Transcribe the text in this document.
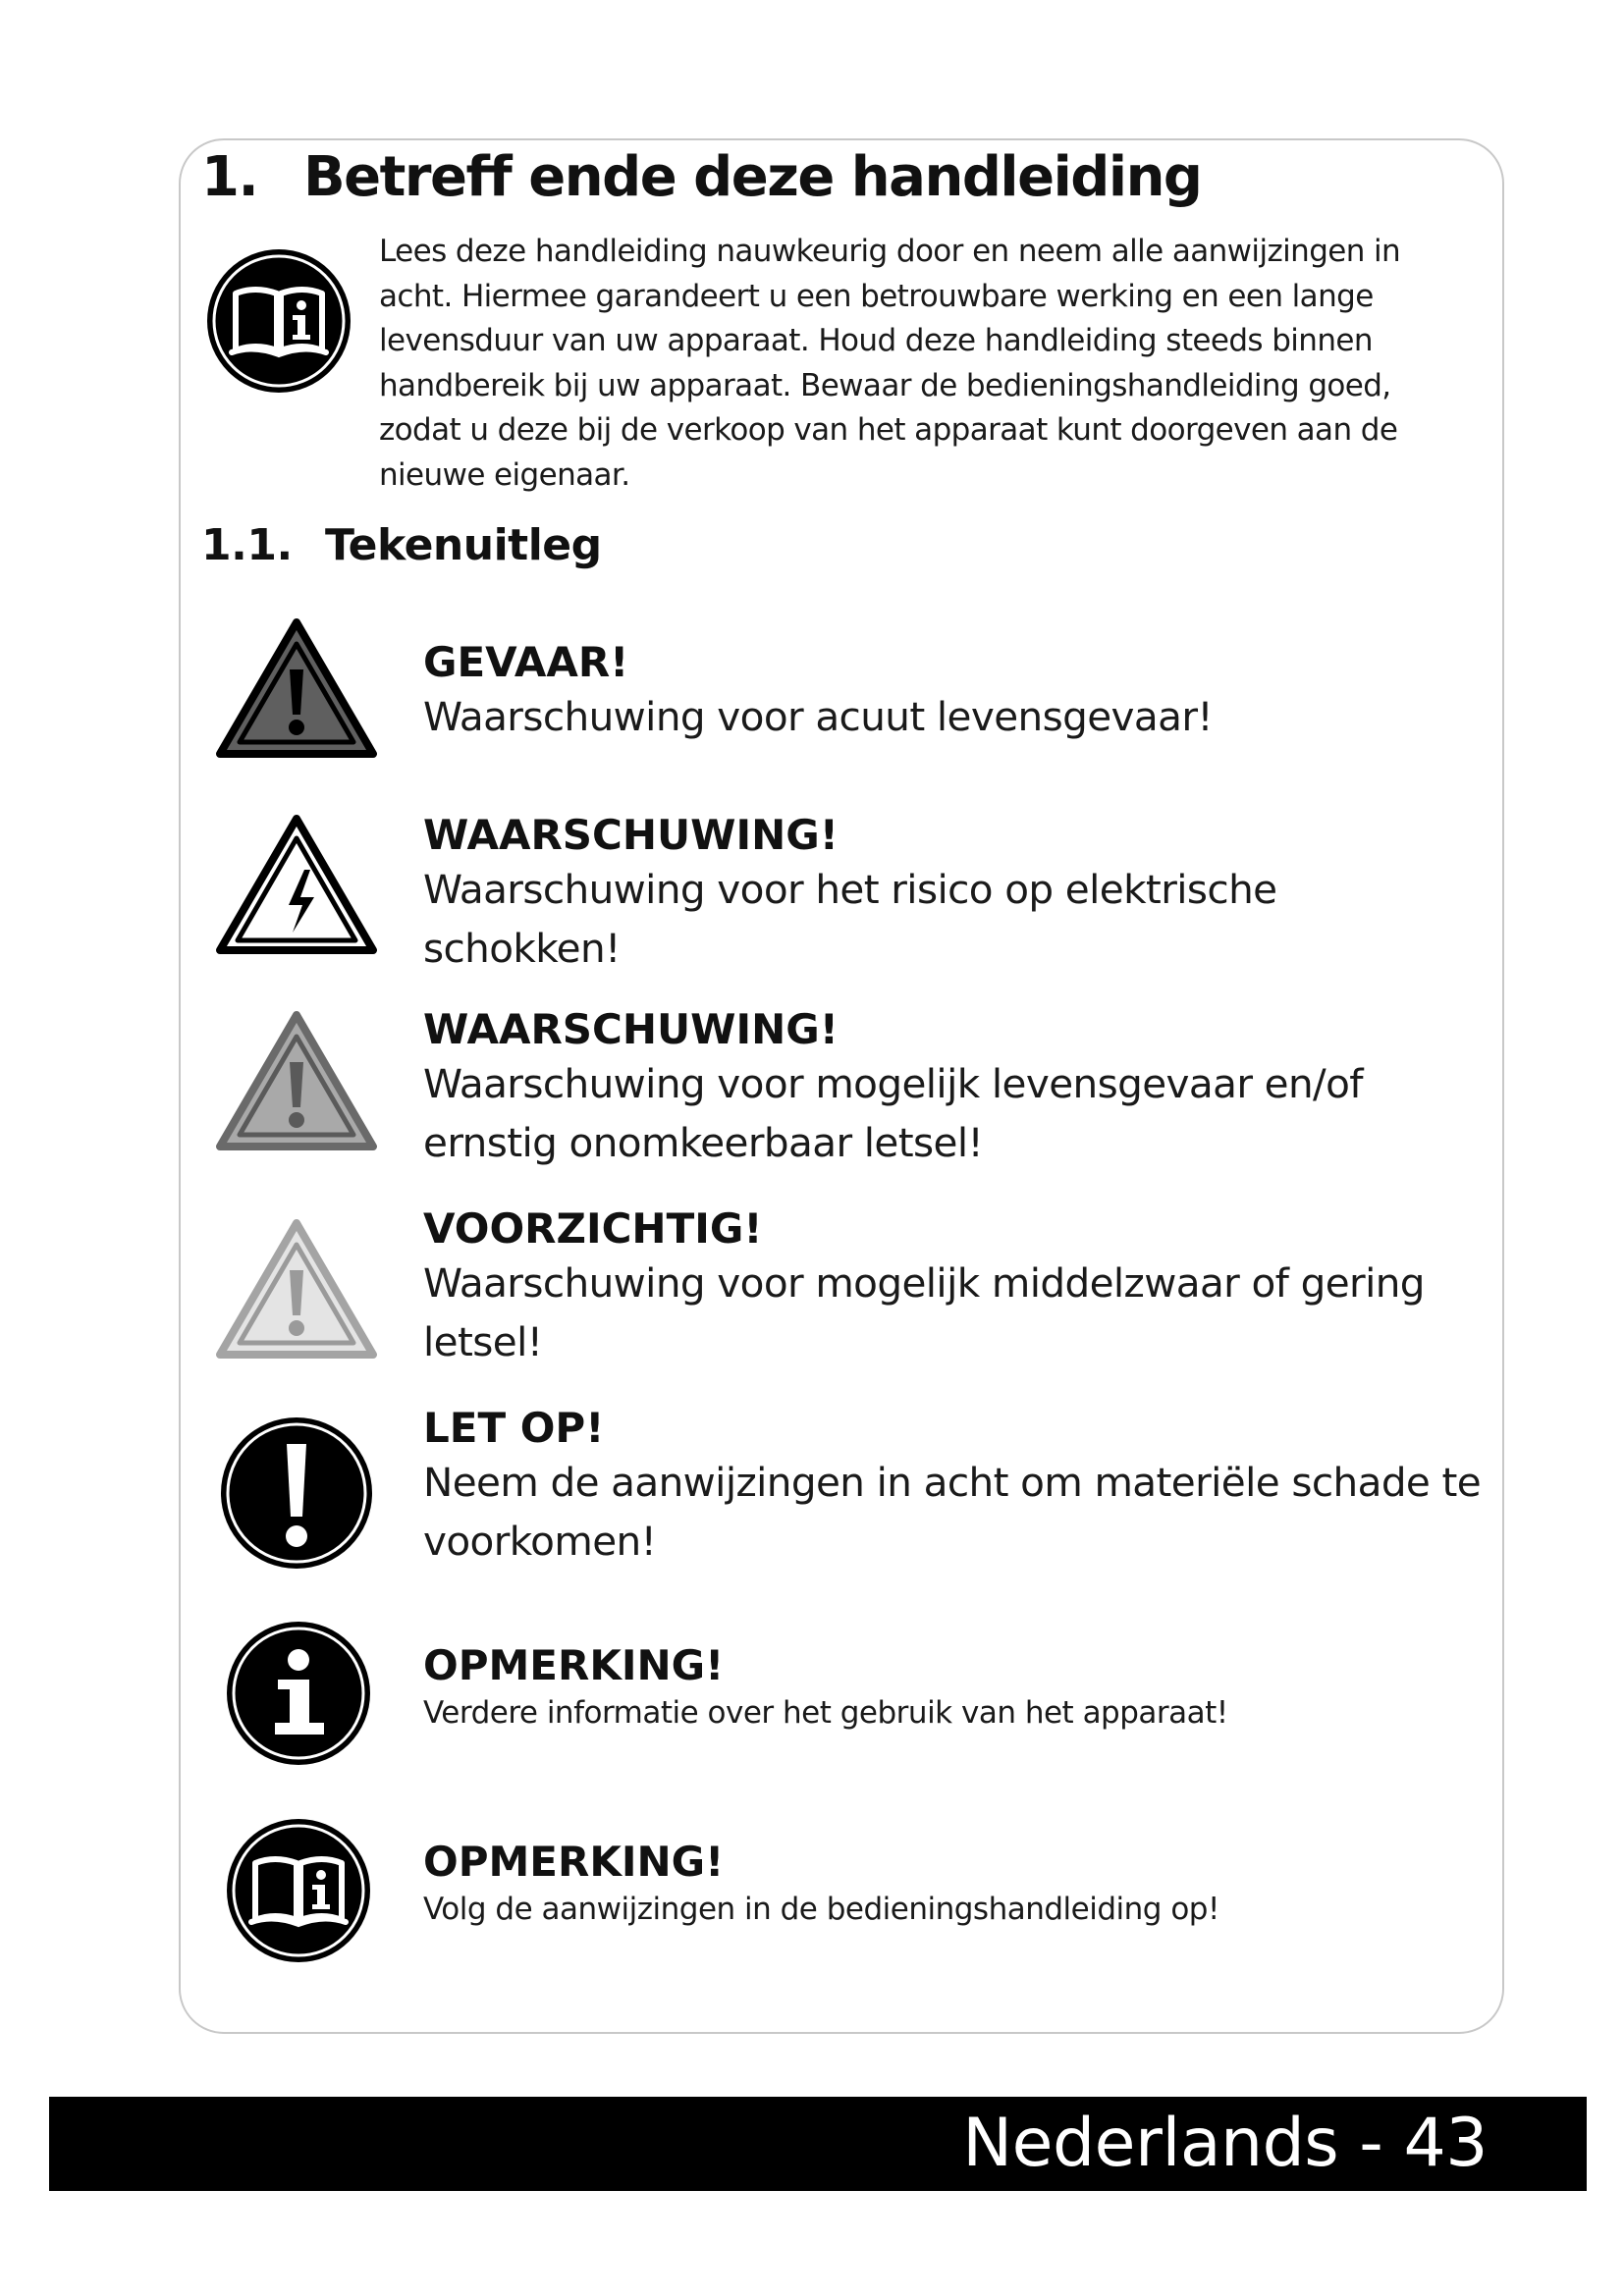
1. Betreff ende deze handleiding

Lees deze handleiding nauwkeurig door en neem alle aanwijzingen in acht. Hiermee garandeert u een betrouwbare werking en een lange levensduur van uw apparaat. Houd deze handleiding steeds binnen handbereik bij uw apparaat. Bewaar de bedieningshandleiding goed, zodat u deze bij de verkoop van het apparaat kunt doorgeven aan de nieuwe eigenaar.

1.1. Tekenuitleg
GEVAAR!
Waarschuwing voor acuut levensgevaar!
WAARSCHUWING!
Waarschuwing voor het risico op elektrische schokken!
WAARSCHUWING!
Waarschuwing voor mogelijk levensgevaar en/of ernstig onomkeerbaar letsel!
VOORZICHTIG!
Waarschuwing voor mogelijk middelzwaar of gering letsel!
LET OP!
Neem de aanwijzingen in acht om materiële schade te voorkomen!
OPMERKING!
Verdere informatie over het gebruik van het apparaat!
OPMERKING!
Volg de aanwijzingen in de bedieningshandleiding op!
Nederlands - 43
